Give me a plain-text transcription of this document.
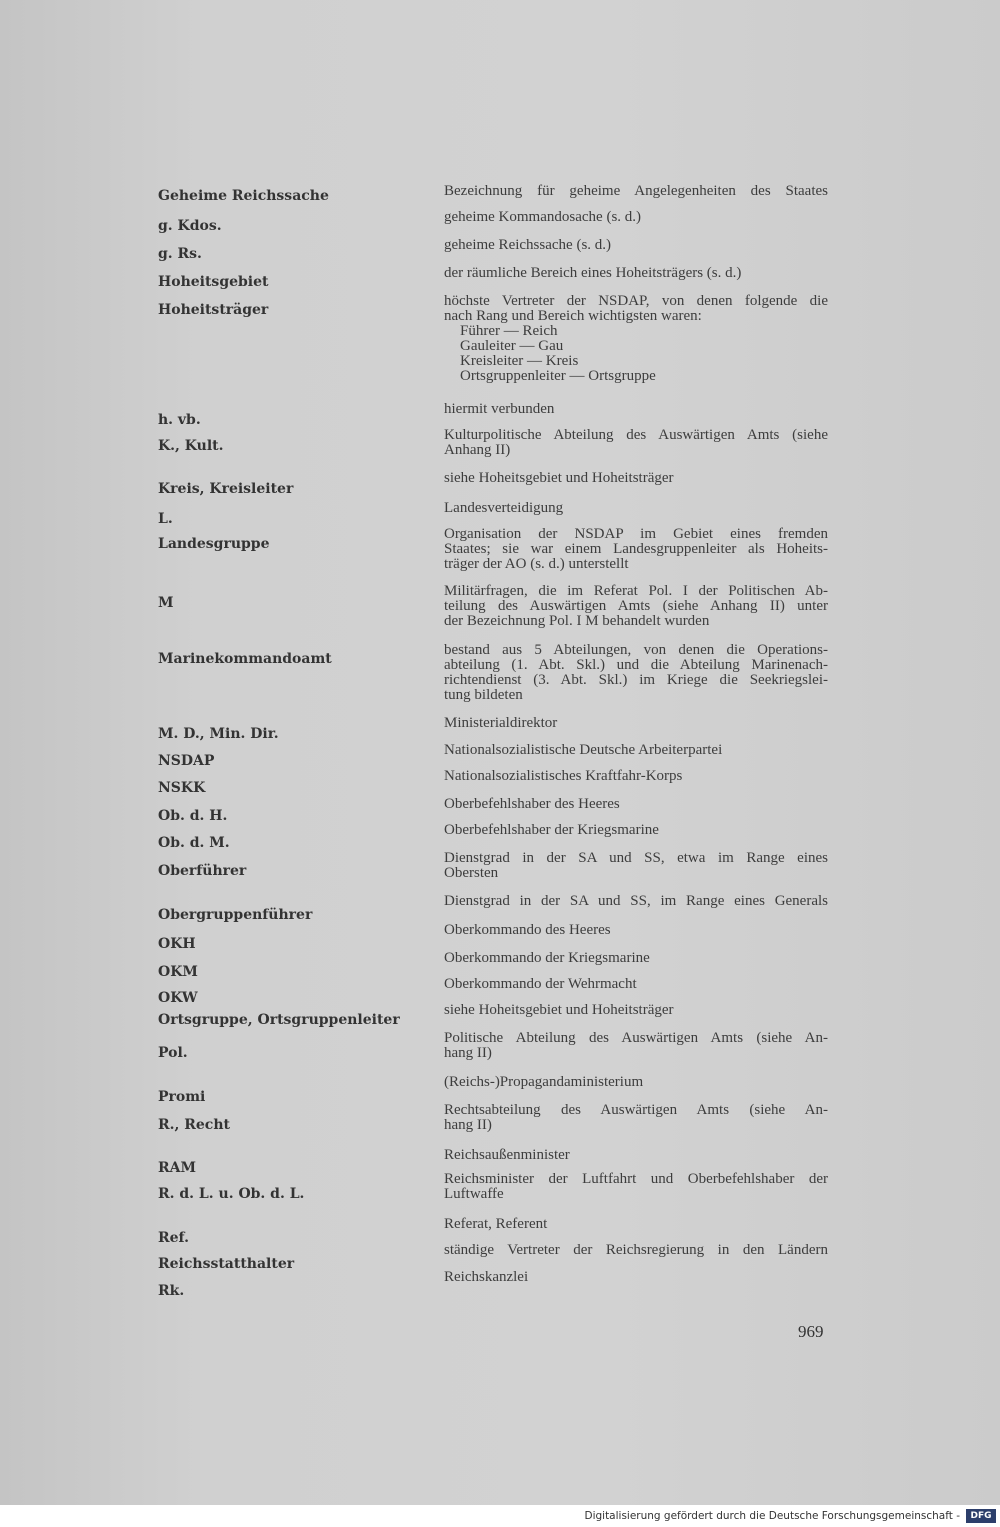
Geheime Reichssache
g. Kdos.
g. Rs.
Hoheitsgebiet
Hoheitsträger
h. vb.
K., Kult.
Kreis, Kreisleiter
L.
Landesgruppe
M
Marinekommandoamt
M. D., Min. Dir.
NSDAP
NSKK
Ob. d. H.
Ob. d. M.
Oberführer
Obergruppenführer
OKH
OKM
OKW
Ortsgruppe, Ortsgruppenleiter
Pol.
Promi
R., Recht
RAM
R. d. L. u. Ob. d. L.
Ref.
Reichsstatthalter
Rk.
Bezeichnung für geheime Angelegenheiten des Staates
geheime Kommandosache (s. d.)
geheime Reichssache (s. d.)
der räumliche Bereich eines Hoheitsträgers (s. d.)
höchste Vertreter der NSDAP, von denen folgende die
nach Rang und Bereich wichtigsten waren:
Führer — Reich
Gauleiter — Gau
Kreisleiter — Kreis
Ortsgruppenleiter — Ortsgruppe
hiermit verbunden
Kulturpolitische Abteilung des Auswärtigen Amts (siehe
Anhang II)
siehe Hoheitsgebiet und Hoheitsträger
Landesverteidigung
Organisation der NSDAP im Gebiet eines fremden
Staates; sie war einem Landesgruppenleiter als Hoheits-
träger der AO (s. d.) unterstellt
Militärfragen, die im Referat Pol. I der Politischen Ab-
teilung des Auswärtigen Amts (siehe Anhang II) unter
der Bezeichnung Pol. I M behandelt wurden
bestand aus 5 Abteilungen, von denen die Operations-
abteilung (1. Abt. Skl.) und die Abteilung Marinenach-
richtendienst (3. Abt. Skl.) im Kriege die Seekriegslei-
tung bildeten
Ministerialdirektor
Nationalsozialistische Deutsche Arbeiterpartei
Nationalsozialistisches Kraftfahr-Korps
Oberbefehlshaber des Heeres
Oberbefehlshaber der Kriegsmarine
Dienstgrad in der SA und SS, etwa im Range eines
Obersten
Dienstgrad in der SA und SS, im Range eines Generals
Oberkommando des Heeres
Oberkommando der Kriegsmarine
Oberkommando der Wehrmacht
siehe Hoheitsgebiet und Hoheitsträger
Politische Abteilung des Auswärtigen Amts (siehe An-
hang II)
(Reichs-)Propagandaministerium
Rechtsabteilung des Auswärtigen Amts (siehe An-
hang II)
Reichsaußenminister
Reichsminister der Luftfahrt und Oberbefehlshaber der
Luftwaffe
Referat, Referent
ständige Vertreter der Reichsregierung in den Ländern
Reichskanzlei
969
Digitalisierung gefördert durch die Deutsche Forschungsgemeinschaft -	DFG
